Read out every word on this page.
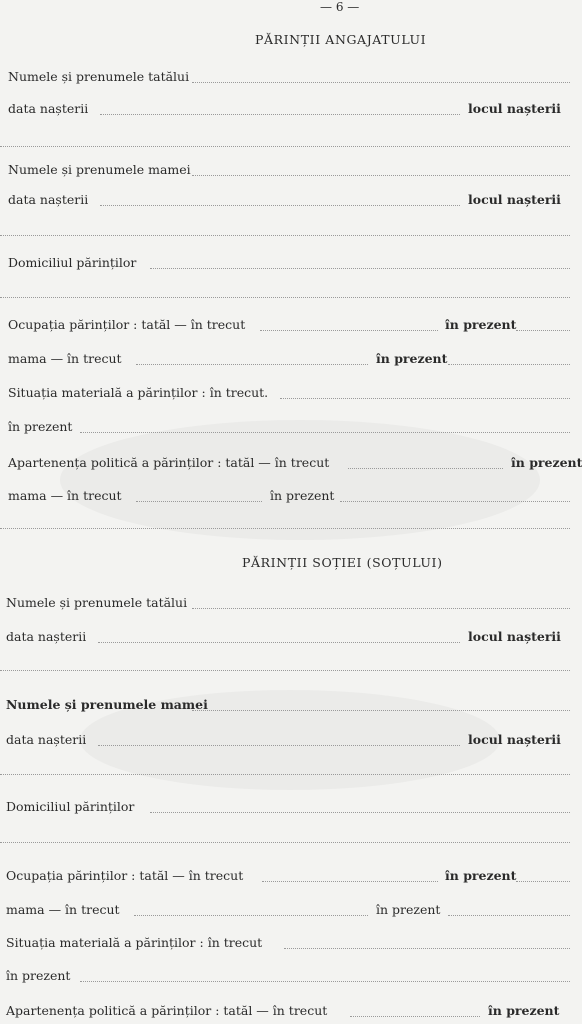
— 6 —
PĂRINȚII ANGAJATULUI
Numele și prenumele tatălui
data nașterii	locul nașterii
Numele și prenumele mamei
data nașterii	locul nașterii
Domiciliul părinților
Ocupația părinților : tatăl — în trecut	în prezent
mama — în trecut	în prezent
Situația materială a părinților : în trecut.
în prezent
Apartenența politică a părinților : tatăl — în trecut	în prezent
mama — în trecut	în prezent
PĂRINȚII SOȚIEI (SOȚULUI)
Numele și prenumele tatălui
data nașterii	locul nașterii
Numele și prenumele mamei
data nașterii	locul nașterii
Domiciliul părinților
Ocupația părinților : tatăl — în trecut	în prezent
mama — în trecut	în prezent
Situația materială a părinților : în trecut
în prezent
Apartenența politică a părinților : tatăl — în trecut	în prezent
